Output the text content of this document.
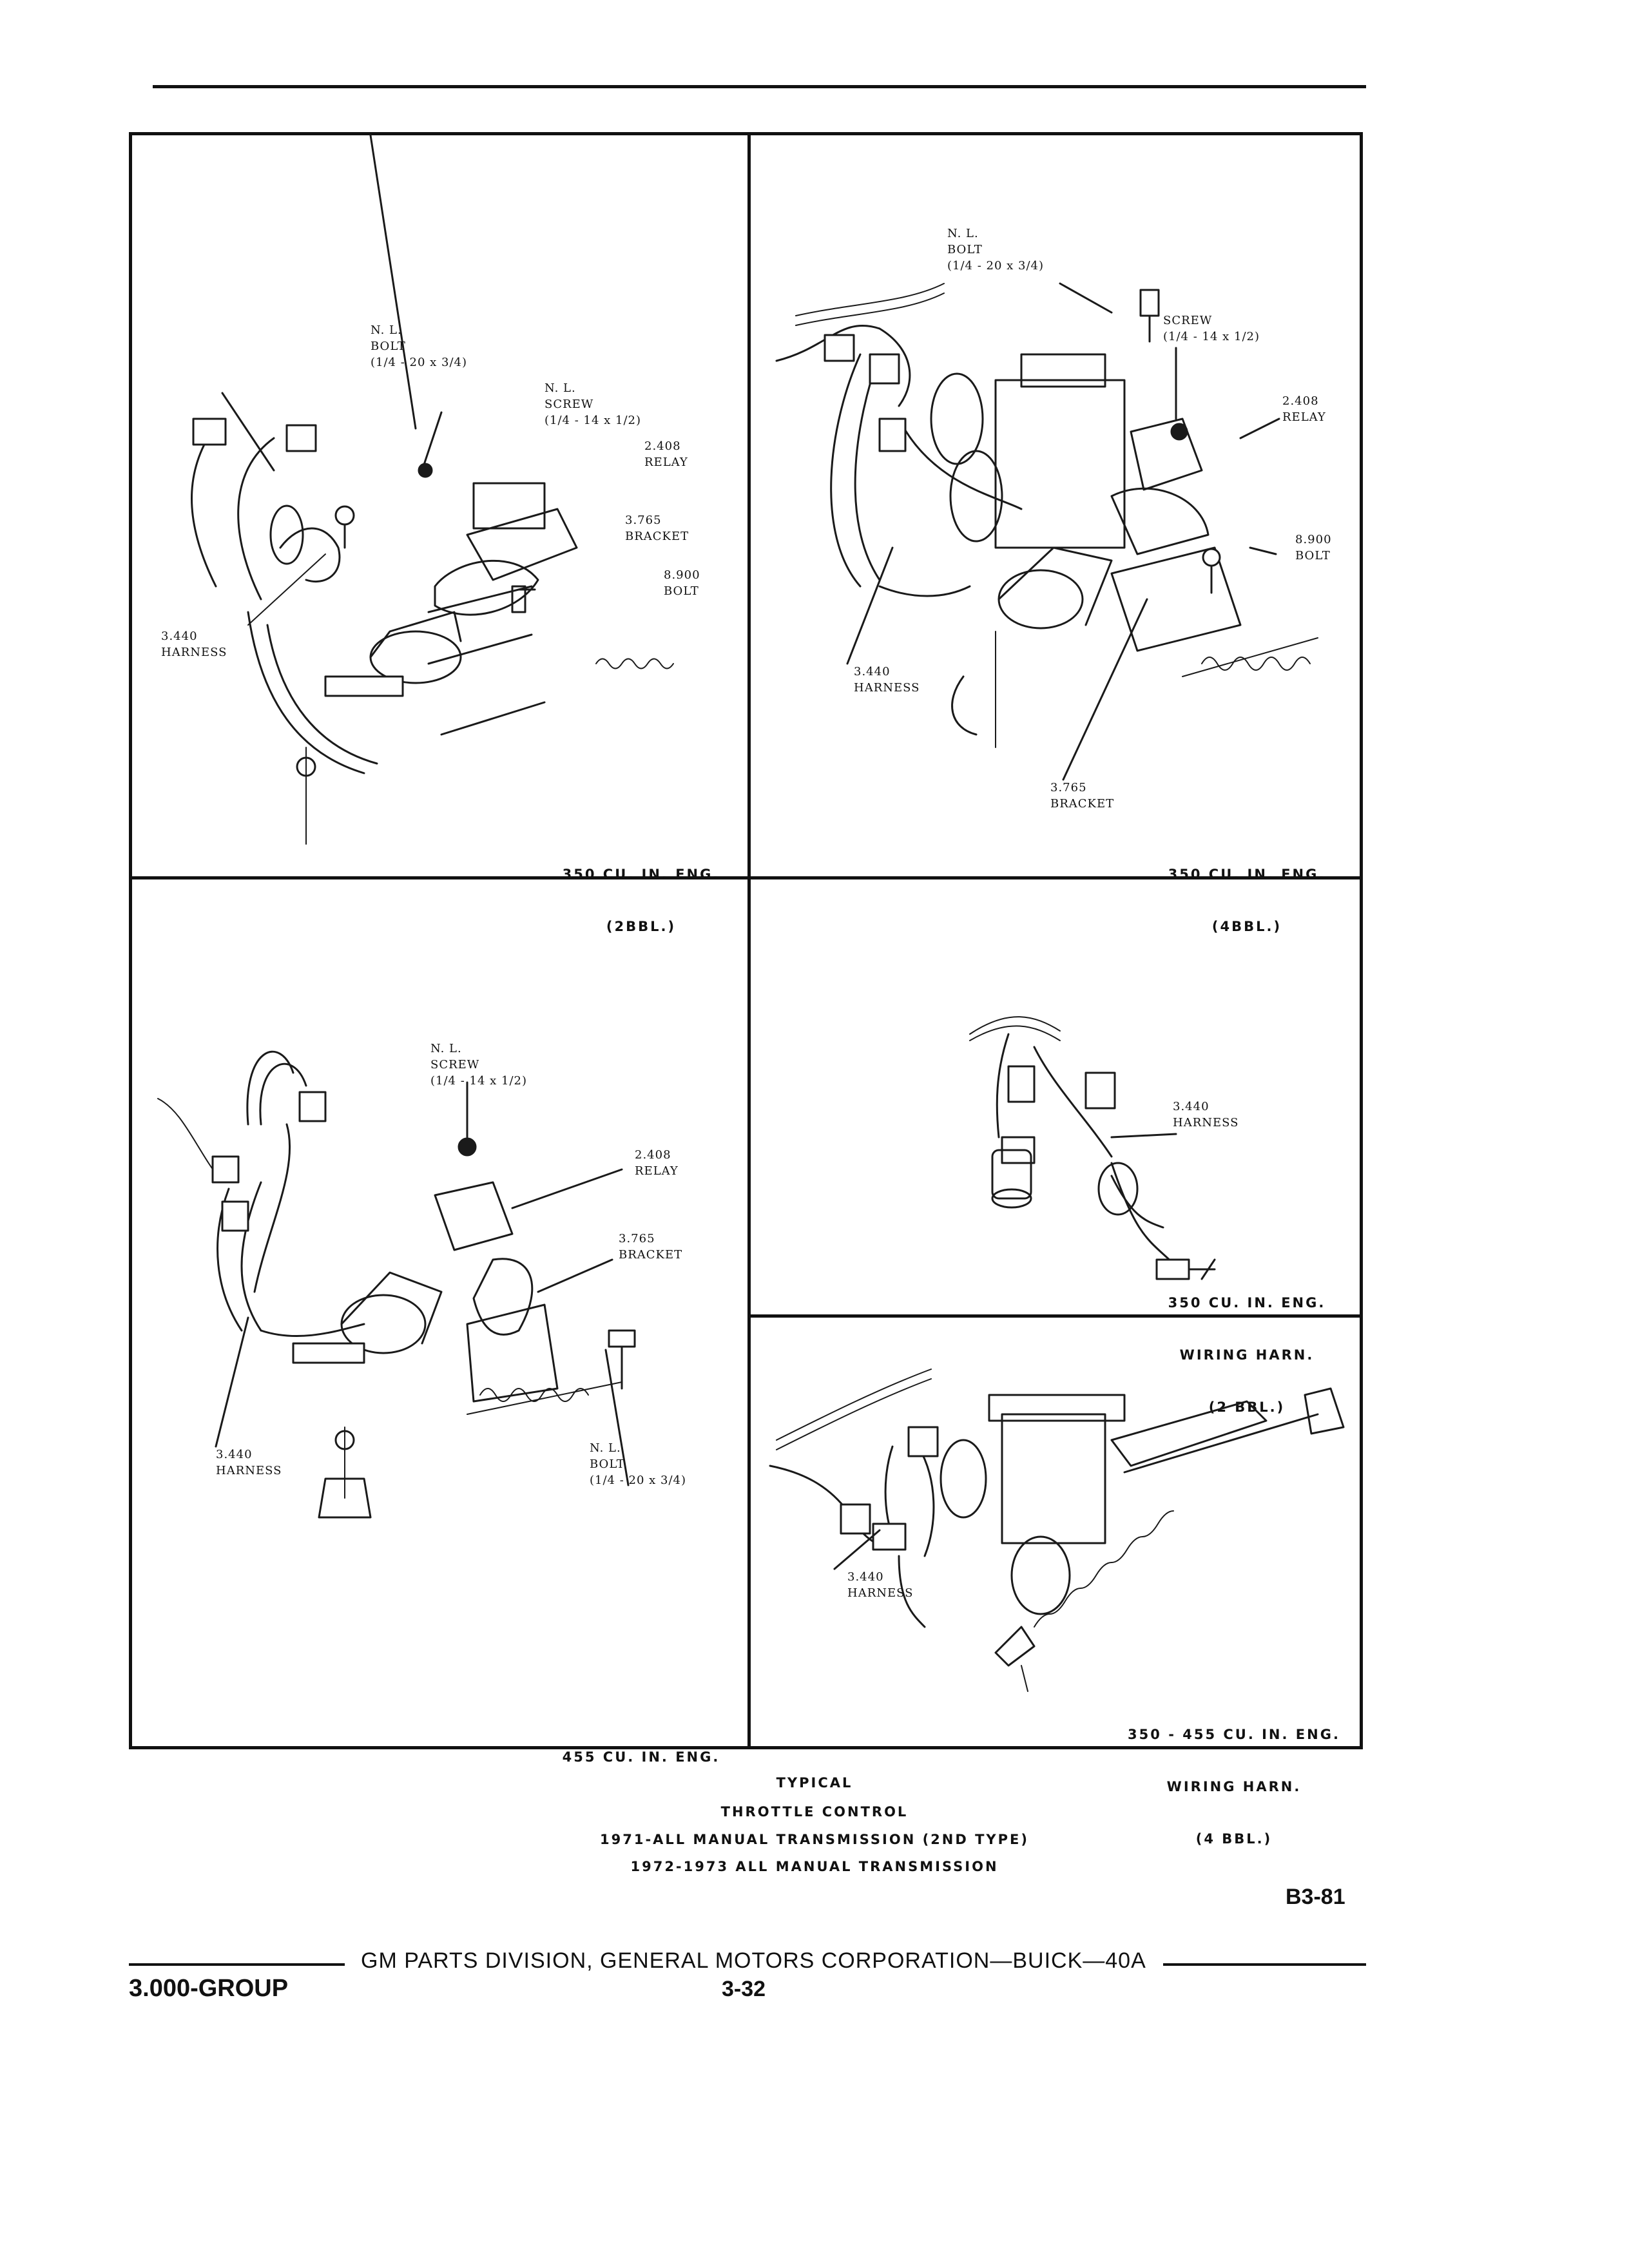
N. L.
BOLT
(1/4 - 20 x 3/4)
N. L.
SCREW
(1/4 - 14 x 1/2)
2.408
RELAY
3.765
BRACKET
8.900
BOLT
3.440
HARNESS

350 CU. IN. ENG.

(2BBL.)

N. L.
BOLT
(1/4 - 20 x 3/4)
SCREW
(1/4 - 14 x 1/2)
2.408
RELAY
8.900
BOLT
3.440
HARNESS
3.765
BRACKET

350 CU. IN. ENG.

(4BBL.)

N. L.
SCREW
(1/4 - 14 x 1/2)
2.408
RELAY
3.765
BRACKET
3.440
HARNESS
N. L.
BOLT
(1/4 - 20 x 3/4)

455 CU. IN. ENG.

3.440
HARNESS

350 CU. IN. ENG.

WIRING HARN.

(2 BBL.)

3.440
HARNESS

350 - 455 CU. IN. ENG.

WIRING HARN.

(4 BBL.)

TYPICAL
THROTTLE CONTROL
1971-ALL MANUAL TRANSMISSION (2ND TYPE)
1972-1973 ALL MANUAL TRANSMISSION
B3-81
GM PARTS DIVISION, GENERAL MOTORS CORPORATION—BUICK—40A
3.000-GROUP	3-32
